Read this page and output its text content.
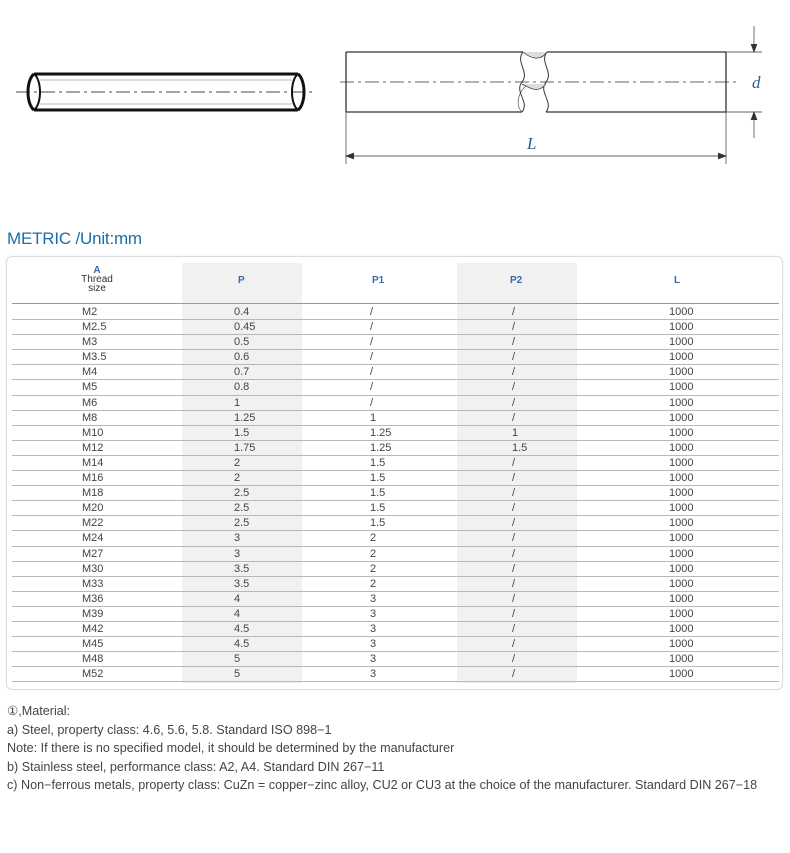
d
L
METRIC /Unit:mm
A
Thread
size
P	P1	P2	L
M2	0.4	/	/	1000
M2.5	0.45	/	/	1000
M3	0.5	/	/	1000
M3.5	0.6	/	/	1000
M4	0.7	/	/	1000
M5	0.8	/	/	1000
M6	1	/	/	1000
M8	1.25	1	/	1000
M10	1.5	1.25	1	1000
M12	1.75	1.25	1.5	1000
M14	2	1.5	/	1000
M16	2	1.5	/	1000
M18	2.5	1.5	/	1000
M20	2.5	1.5	/	1000
M22	2.5	1.5	/	1000
M24	3	2	/	1000
M27	3	2	/	1000
M30	3.5	2	/	1000
M33	3.5	2	/	1000
M36	4	3	/	1000
M39	4	3	/	1000
M42	4.5	3	/	1000
M45	4.5	3	/	1000
M48	5	3	/	1000
M52	5	3	/	1000
①,Material:
a) Steel, property class: 4.6, 5.6, 5.8. Standard ISO 898−1
Note: If there is no specified model, it should be determined by the manufacturer
b) Stainless steel, performance class: A2, A4. Standard DIN 267−11
c) Non−ferrous metals, property class: CuZn = copper−zinc alloy, CU2 or CU3 at the choice of the manufacturer. Standard DIN 267−18
